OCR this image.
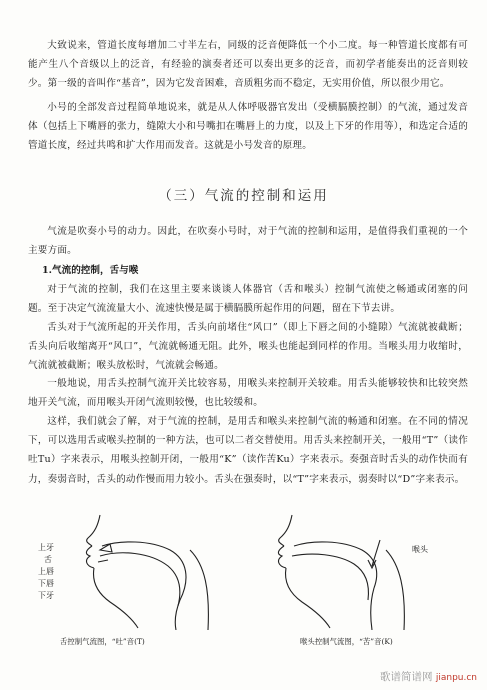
大致说来，管道长度每增加二寸半左右，同级的泛音便降低一个小二度。每一种管道长度都有可能产生八个音级以上的泛音，有经验的演奏者还可以奏出更多的泛音，而初学者能奏出的泛音则较少。第一级的音叫作“基音”，因为它发音困难，音质粗劣而不稳定，无实用价值，所以很少用它。

小号的全部发音过程简单地说来，就是从人体呼吸器官发出（受横膈膜控制）的气流，通过发音体（包括上下嘴唇的张力，缝隙大小和号嘴扣在嘴唇上的力度，以及上下牙的作用等），和选定合适的管道长度，经过共鸣和扩大作用而发音。这就是小号发音的原理。

（三）气流的控制和运用

气流是吹奏小号的动力。因此，在吹奏小号时，对于气流的控制和运用，是值得我们重视的一个主要方面。

1.气流的控制，舌与喉

对于气流的控制，我们在这里主要来谈谈人体器官（舌和喉头）控制气流使之畅通或闭塞的问题。至于决定气流流量大小、流速快慢是属于横膈膜所起作用的问题，留在下节去讲。

舌头对于气流所起的开关作用，舌头向前堵住“风口”（即上下唇之间的小缝隙）气流就被截断；舌头向后收缩离开“风口”，气流就畅通无阻。此外，喉头也能起到同样的作用。当喉头用力收缩时，气流就被截断；喉头放松时，气流就会畅通。

一般地说，用舌头控制气流开关比较容易，用喉头来控制开关较难。用舌头能够较快和比较突然地开关气流，而用喉头开闭气流则较慢，也比较缓和。

这样，我们就会了解，对于气流的控制，是用舌和喉头来控制气流的畅通和闭塞。在不同的情况下，可以选用舌或喉头控制的一种方法，也可以二者交替使用。用舌头来控制开关，一般用“T”（读作吐Tu）字来表示，用喉头控制开闭，一般用“K”（读作苦Ku）字来表示。奏强音时舌头的动作快而有力，奏弱音时，舌头的动作慢而用力较小。舌头在强奏时，以“T”字来表示，弱奏时以“D”字来表示。

上牙
舌
上唇
下唇
下牙
喉头
舌控制气流图，“吐”音(T)	喉头控制气流图，“苦”音(K)
歌谱简谱网 jianpu.cn
